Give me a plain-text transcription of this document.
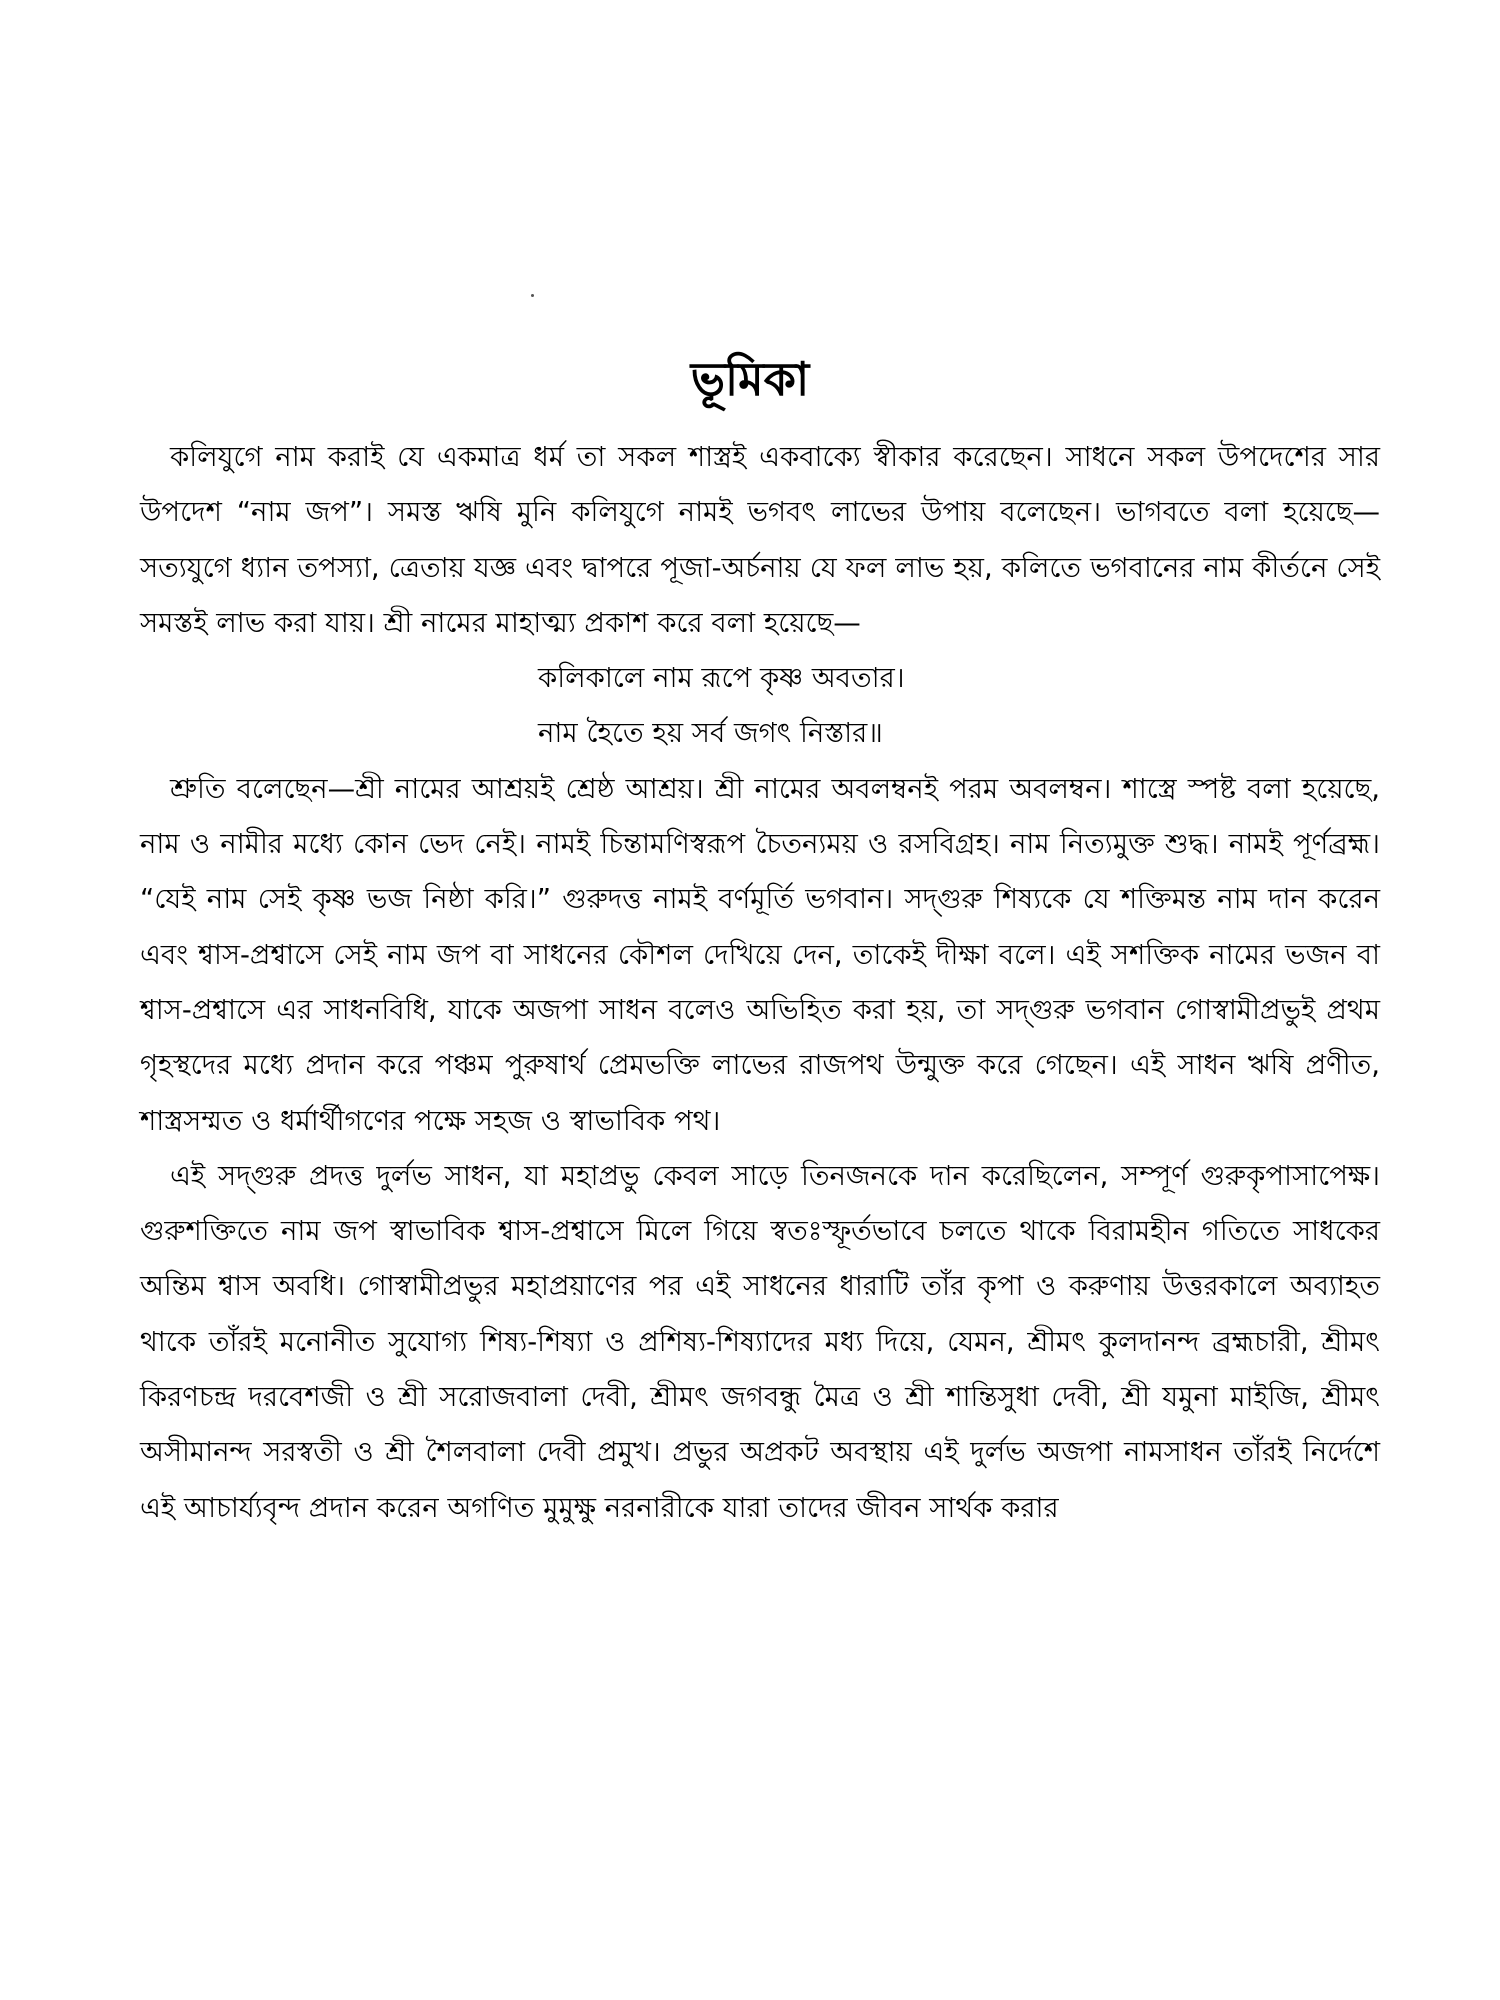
ভূমিকা

কলিযুগে নাম করাই যে একমাত্র ধর্ম তা সকল শাস্ত্রই একবাক্যে স্বীকার করেছেন। সাধনে সকল উপদেশের সার উপদেশ “নাম জপ”। সমস্ত ঋষি মুনি কলিযুগে নামই ভগবৎ লাভের উপায় বলেছেন। ভাগবতে বলা হয়েছে—সত্যযুগে ধ্যান তপস্যা, ত্রেতায় যজ্ঞ এবং দ্বাপরে পূজা-অর্চনায় যে ফল লাভ হয়, কলিতে ভগবানের নাম কীর্তনে সেই সমস্তই লাভ করা যায়। শ্রী নামের মাহাত্ম্য প্রকাশ করে বলা হয়েছে—

কলিকালে নাম রূপে কৃষ্ণ অবতার।

নাম হৈতে হয় সর্ব জগৎ নিস্তার॥

শ্রুতি বলেছেন—শ্রী নামের আশ্রয়ই শ্রেষ্ঠ আশ্রয়। শ্রী নামের অবলম্বনই পরম অবলম্বন। শাস্ত্রে স্পষ্ট বলা হয়েছে, নাম ও নামীর মধ্যে কোন ভেদ নেই। নামই চিন্তামণিস্বরূপ চৈতন্যময় ও রসবিগ্রহ। নাম নিত্যমুক্ত শুদ্ধ। নামই পূর্ণব্রহ্ম। “যেই নাম সেই কৃষ্ণ ভজ নিষ্ঠা করি।” গুরুদত্ত নামই বর্ণমূর্তি ভগবান। সদ্‌গুরু শিষ্যকে যে শক্তিমন্ত নাম দান করেন এবং শ্বাস-প্রশ্বাসে সেই নাম জপ বা সাধনের কৌশল দেখিয়ে দেন, তাকেই দীক্ষা বলে। এই সশক্তিক নামের ভজন বা শ্বাস-প্রশ্বাসে এর সাধনবিধি, যাকে অজপা সাধন বলেও অভিহিত করা হয়, তা সদ্‌গুরু ভগবান গোস্বামীপ্রভুই প্রথম গৃহস্থদের মধ্যে প্রদান করে পঞ্চম পুরুষার্থ প্রেমভক্তি লাভের রাজপথ উন্মুক্ত করে গেছেন। এই সাধন ঋষি প্রণীত, শাস্ত্রসম্মত ও ধর্মার্থীগণের পক্ষে সহজ ও স্বাভাবিক পথ।

এই সদ্‌গুরু প্রদত্ত দুর্লভ সাধন, যা মহাপ্রভু কেবল সাড়ে তিনজনকে দান করেছিলেন, সম্পূর্ণ গুরুকৃপাসাপেক্ষ। গুরুশক্তিতে নাম জপ স্বাভাবিক শ্বাস-প্রশ্বাসে মিলে গিয়ে স্বতঃস্ফূর্তভাবে চলতে থাকে বিরামহীন গতিতে সাধকের অন্তিম শ্বাস অবধি। গোস্বামীপ্রভুর মহাপ্রয়াণের পর এই সাধনের ধারাটি তাঁর কৃপা ও করুণায় উত্তরকালে অব্যাহত থাকে তাঁরই মনোনীত সুযোগ্য শিষ্য-শিষ্যা ও প্রশিষ্য-শিষ্যাদের মধ্য দিয়ে, যেমন, শ্রীমৎ কুলদানন্দ ব্রহ্মচারী, শ্রীমৎ কিরণচন্দ্র দরবেশজী ও শ্রী সরোজবালা দেবী, শ্রীমৎ জগবন্ধু মৈত্র ও শ্রী শান্তিসুধা দেবী, শ্রী যমুনা মাইজি, শ্রীমৎ অসীমানন্দ সরস্বতী ও শ্রী শৈলবালা দেবী প্রমুখ। প্রভুর অপ্রকট অবস্থায় এই দুর্লভ অজপা নামসাধন তাঁরই নির্দেশে এই আচার্য্যবৃন্দ প্রদান করেন অগণিত মুমুক্ষু নরনারীকে যারা তাদের জীবন সার্থক করার
